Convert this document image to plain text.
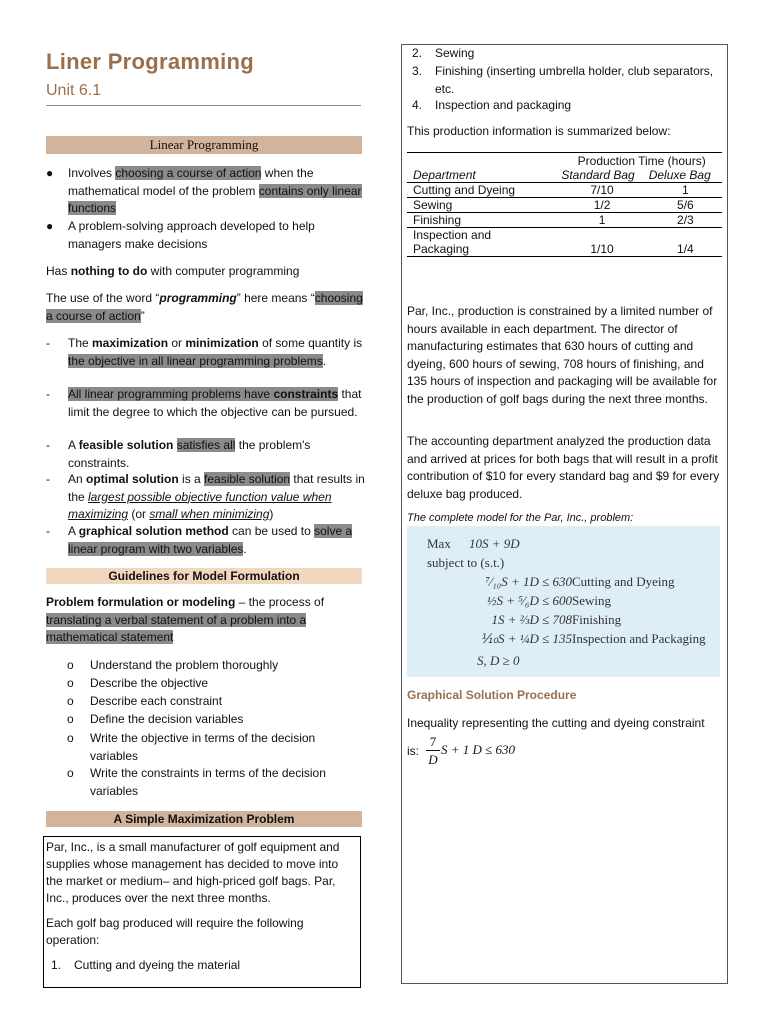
Liner Programming
Unit 6.1
Linear Programming
● Involves choosing a course of action when the mathematical model of the problem contains only linear functions
● A problem-solving approach developed to help managers make decisions
Has nothing to do with computer programming
The use of the word “programming” here means “choosing a course of action”
- The maximization or minimization of some quantity is the objective in all linear programming problems.
- All linear programming problems have constraints that limit the degree to which the objective can be pursued.
- A feasible solution satisfies all the problem's constraints.
- An optimal solution is a feasible solution that results in the largest possible objective function value when maximizing (or small when minimizing)
- A graphical solution method can be used to solve a linear program with two variables.
Guidelines for Model Formulation
Problem formulation or modeling – the process of translating a verbal statement of a problem into a mathematical statement
o Understand the problem thoroughly
o Describe the objective
o Describe each constraint
o Define the decision variables
o Write the objective in terms of the decision variables
o Write the constraints in terms of the decision variables
A Simple Maximization Problem
Par, Inc., is a small manufacturer of golf equipment and supplies whose management has decided to move into the market or medium– and high-priced golf bags. Par, Inc., produces over the next three months.
Each golf bag produced will require the following operation:
1. Cutting and dyeing the material
2. Sewing
3. Finishing (inserting umbrella holder, club separators, etc.
4. Inspection and packaging
This production information is summarized below:
	Production Time (hours)	
Department	Standard Bag	Deluxe Bag
Cutting and Dyeing	7/10	1
Sewing	1/2	5/6
Finishing	1	2/3
Inspection and Packaging	1/10	1/4
Par, Inc., production is constrained by a limited number of hours available in each department. The director of manufacturing estimates that 630 hours of cutting and dyeing, 600 hours of sewing, 708 hours of finishing, and 135 hours of inspection and packaging will be available for the production of golf bags during the next three months.
The accounting department analyzed the production data and arrived at prices for both bags that will result in a profit contribution of $10 for every standard bag and $9 for every deluxe bag produced.
The complete model for the Par, Inc., problem:
Max 10S + 9D
subject to (s.t.)
⁷⁄₁₀S + 1D ≤ 630 Cutting and Dyeing
½S + ⁵⁄₆D ≤ 600 Sewing
1S + ⅔D ≤ 708 Finishing
⅒S + ¼D ≤ 135 Inspection and Packaging
S, D ≥ 0
Graphical Solution Procedure
Inequality representing the cutting and dyeing constraint
is:
7
D
S + 1 D ≤ 630
